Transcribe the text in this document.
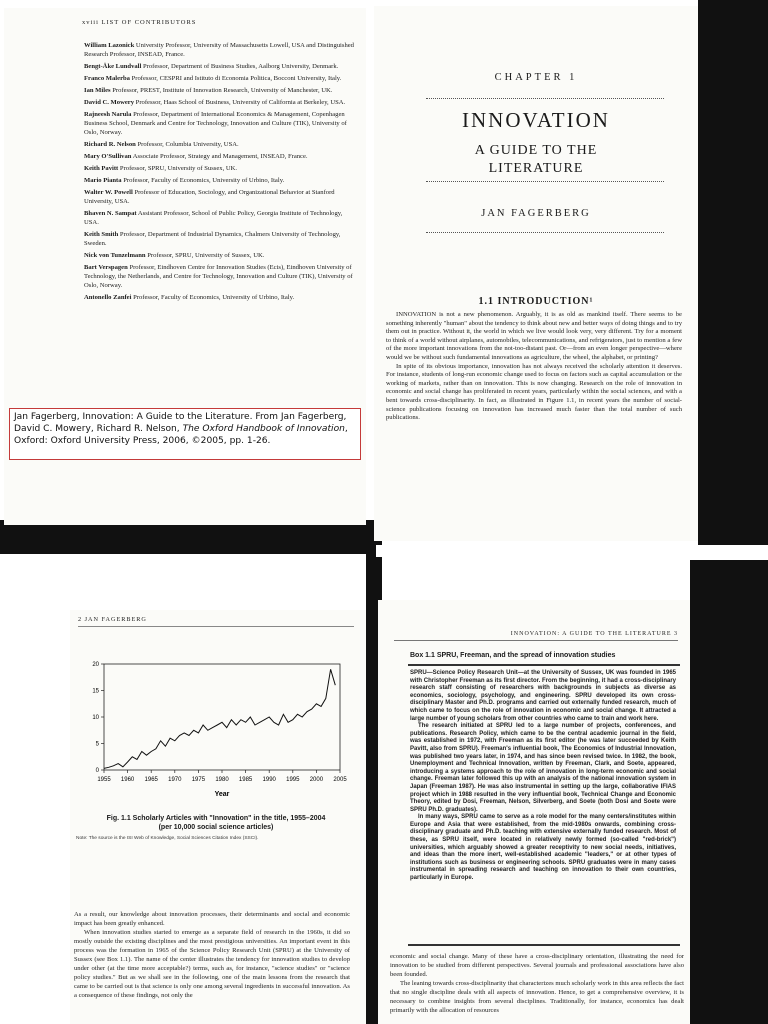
xviii LIST OF CONTRIBUTORS
William Lazonick University Professor, University of Massachusetts Lowell, USA and Distinguished Research Professor, INSEAD, France.
Bengt-Åke Lundvall Professor, Department of Business Studies, Aalborg University, Denmark.
Franco Malerba Professor, CESPRI and Istituto di Economia Politica, Bocconi University, Italy.
Ian Miles Professor, PREST, Institute of Innovation Research, University of Manchester, UK.
David C. Mowery Professor, Haas School of Business, University of California at Berkeley, USA.
Rajneesh Narula Professor, Department of International Economics & Management, Copenhagen Business School, Denmark and Centre for Technology, Innovation and Culture (TIK), University of Oslo, Norway.
Richard R. Nelson Professor, Columbia University, USA.
Mary O'Sullivan Associate Professor, Strategy and Management, INSEAD, France.
Keith Pavitt Professor, SPRU, University of Sussex, UK.
Mario Pianta Professor, Faculty of Economics, University of Urbino, Italy.
Walter W. Powell Professor of Education, Sociology, and Organizational Behavior at Stanford University, USA.
Bhaven N. Sampat Assistant Professor, School of Public Policy, Georgia Institute of Technology, USA.
Keith Smith Professor, Department of Industrial Dynamics, Chalmers University of Technology, Sweden.
Nick von Tunzelmann Professor, SPRU, University of Sussex, UK.
Bart Verspagen Professor, Eindhoven Centre for Innovation Studies (Ecis), Eindhoven University of Technology, the Netherlands, and Centre for Technology, Innovation and Culture (TIK), University of Oslo, Norway.
Antonello Zanfei Professor, Faculty of Economics, University of Urbino, Italy.
Jan Fagerberg, Innovation: A Guide to the Literature. From Jan Fagerberg, David C. Mowery, Richard R. Nelson, The Oxford Handbook of Innovation, Oxford: Oxford University Press, 2006, ©2005, pp. 1-26.
CHAPTER 1
INNOVATION
A GUIDE TO THE
LITERATURE
JAN FAGERBERG
1.1 INTRODUCTION¹

INNOVATION is not a new phenomenon. Arguably, it is as old as mankind itself. There seems to be something inherently "human" about the tendency to think about new and better ways of doing things and to try them out in practice. Without it, the world in which we live would look very, very different. Try for a moment to think of a world without airplanes, automobiles, telecommunications, and refrigerators, just to mention a few of the more important innovations from the not-too-distant past. Or—from an even longer perspective—where would we be without such fundamental innovations as agriculture, the wheel, the alphabet, or printing?

In spite of its obvious importance, innovation has not always received the scholarly attention it deserves. For instance, students of long-run economic change used to focus on factors such as capital accumulation or the working of markets, rather than on innovation. This is now changing. Research on the role of innovation in economic and social change has proliferated in recent years, particularly within the social sciences, and with a bent towards cross-disciplinarity. In fact, as illustrated in Figure 1.1, in recent years the number of social-science publications focusing on innovation has increased much faster than the total number of such publications.

2 JAN FAGERBERG
0
5
10
15
20
1955 1960 1965 1970 1975 1980 1985 1990 1995 2000 2005
Year
Fig. 1.1 Scholarly Articles with "Innovation" in the title, 1955–2004
(per 10,000 social science articles)
Note: The source is the ISI Web of Knowledge, Social Sciences Citation Index (SSCI).

As a result, our knowledge about innovation processes, their determinants and social and economic impact has been greatly enhanced.

When innovation studies started to emerge as a separate field of research in the 1960s, it did so mostly outside the existing disciplines and the most prestigious universities. An important event in this process was the formation in 1965 of the Science Policy Research Unit (SPRU) at the University of Sussex (see Box 1.1). The name of the center illustrates the tendency for innovation studies to develop under other (at the time more acceptable?) terms, such as, for instance, "science studies" or "science policy studies." But as we shall see in the following, one of the main lessons from the research that came to be carried out is that science is only one among several ingredients in successful innovation. As a consequence of these findings, not only the

INNOVATION: A GUIDE TO THE LITERATURE 3
Box 1.1 SPRU, Freeman, and the spread of innovation studies

SPRU—Science Policy Research Unit—at the University of Sussex, UK was founded in 1965 with Christopher Freeman as its first director. From the beginning, it had a cross-disciplinary research staff consisting of researchers with backgrounds in subjects as diverse as economics, sociology, psychology, and engineering. SPRU developed its own cross-disciplinary Master and Ph.D. programs and carried out externally funded research, much of which came to focus on the role of innovation in economic and social change. It attracted a large number of young scholars from other countries who came to train and work here.

The research initiated at SPRU led to a large number of projects, conferences, and publications. Research Policy, which came to be the central academic journal in the field, was established in 1972, with Freeman as its first editor (he was later succeeded by Keith Pavitt, also from SPRU). Freeman's influential book, The Economics of Industrial Innovation, was published two years later, in 1974, and has since been revised twice. In 1982, the book, Unemployment and Technical Innovation, written by Freeman, Clark, and Soete, appeared, introducing a systems approach to the role of innovation in long-term economic and social change. Freeman later followed this up with an analysis of the national innovation system in Japan (Freeman 1987). He was also instrumental in setting up the large, collaborative IFIAS project which in 1988 resulted in the very influential book, Technical Change and Economic Theory, edited by Dosi, Freeman, Nelson, Silverberg, and Soete (both Dosi and Soete were SPRU Ph.D. graduates).

In many ways, SPRU came to serve as a role model for the many centers/institutes within Europe and Asia that were established, from the mid-1980s onwards, combining cross-disciplinary graduate and Ph.D. teaching with extensive externally funded research. Most of these, as SPRU itself, were located in relatively newly formed (so-called "red-brick") universities, which arguably showed a greater receptivity to new social needs, initiatives, and ideas than the more inert, well-established academic "leaders," or at other types of institutions such as business or engineering schools. SPRU graduates were in many cases instrumental in spreading research and teaching on innovation to their own countries, particularly in Europe.

economic and social change. Many of these have a cross-disciplinary orientation, illustrating the need for innovation to be studied from different perspectives. Several journals and professional associations have also been founded.

The leaning towards cross-disciplinarity that characterizes much scholarly work in this area reflects the fact that no single discipline deals with all aspects of innovation. Hence, to get a comprehensive overview, it is necessary to combine insights from several disciplines. Traditionally, for instance, economics has dealt primarily with the allocation of resources
